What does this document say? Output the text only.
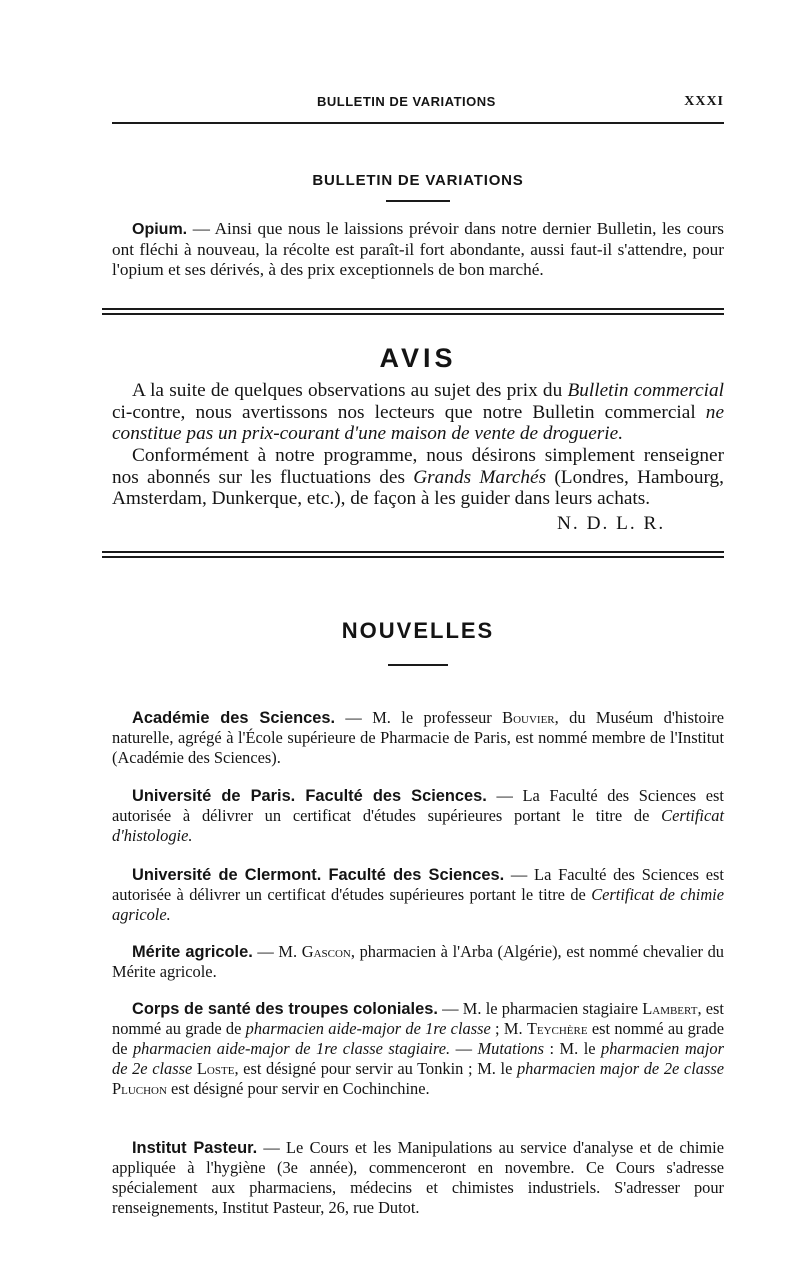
BULLETIN DE VARIATIONS	XXXI
BULLETIN DE VARIATIONS

Opium. — Ainsi que nous le laissions prévoir dans notre dernier Bulletin, les cours ont fléchi à nouveau, la récolte est paraît-il fort abondante, aussi faut-il s'attendre, pour l'opium et ses dérivés, à des prix exceptionnels de bon marché.

AVIS

A la suite de quelques observations au sujet des prix du Bulletin commercial ci-contre, nous avertissons nos lecteurs que notre Bulletin commercial ne constitue pas un prix-courant d'une maison de vente de droguerie.

Conformément à notre programme, nous désirons simplement renseigner nos abonnés sur les fluctuations des Grands Marchés (Londres, Hambourg, Amsterdam, Dunkerque, etc.), de façon à les guider dans leurs achats.

N. D. L. R.
NOUVELLES

Académie des Sciences. — M. le professeur Bouvier, du Muséum d'histoire naturelle, agrégé à l'École supérieure de Pharmacie de Paris, est nommé membre de l'Institut (Académie des Sciences).

Université de Paris. Faculté des Sciences. — La Faculté des Sciences est autorisée à délivrer un certificat d'études supérieures portant le titre de Certificat d'histologie.

Université de Clermont. Faculté des Sciences. — La Faculté des Sciences est autorisée à délivrer un certificat d'études supérieures portant le titre de Certificat de chimie agricole.

Mérite agricole. — M. Gascon, pharmacien à l'Arba (Algérie), est nommé chevalier du Mérite agricole.

Corps de santé des troupes coloniales. — M. le pharmacien stagiaire Lambert, est nommé au grade de pharmacien aide-major de 1re classe ; M. Teychère est nommé au grade de pharmacien aide-major de 1re classe stagiaire. — Mutations : M. le pharmacien major de 2e classe Loste, est désigné pour servir au Tonkin ; M. le pharmacien major de 2e classe Pluchon est désigné pour servir en Cochinchine.

Institut Pasteur. — Le Cours et les Manipulations au service d'analyse et de chimie appliquée à l'hygiène (3e année), commenceront en novembre. Ce Cours s'adresse spécialement aux pharmaciens, médecins et chimistes industriels. S'adresser pour renseignements, Institut Pasteur, 26, rue Dutot.
